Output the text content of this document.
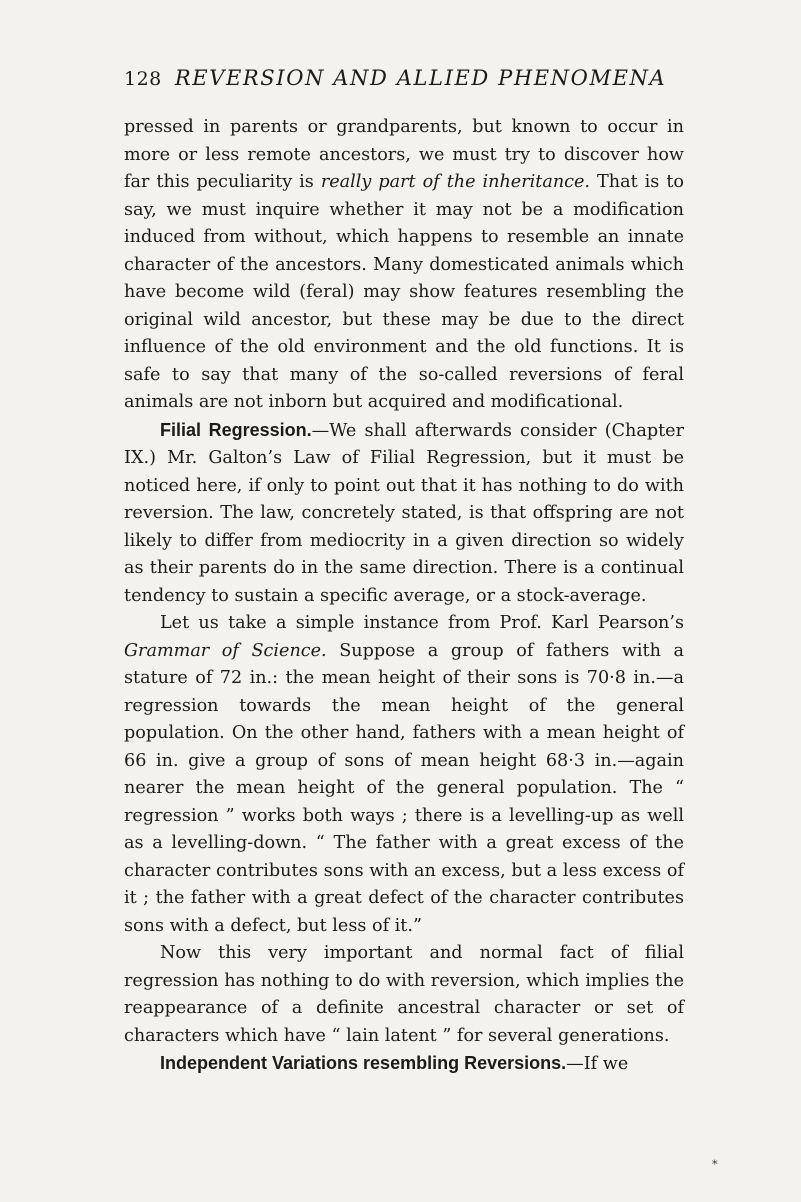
128 REVERSION AND ALLIED PHENOMENA

pressed in parents or grandparents, but known to occur in more or less remote ancestors, we must try to discover how far this peculiarity is really part of the inheritance. That is to say, we must inquire whether it may not be a modification induced from without, which happens to resemble an innate character of the ancestors. Many domesticated animals which have become wild (feral) may show features resembling the original wild ancestor, but these may be due to the direct influence of the old environment and the old functions. It is safe to say that many of the so-called reversions of feral animals are not inborn but acquired and modificational.

Filial Regression.—We shall afterwards consider (Chapter IX.) Mr. Galton’s Law of Filial Regression, but it must be noticed here, if only to point out that it has nothing to do with reversion. The law, concretely stated, is that offspring are not likely to differ from mediocrity in a given direction so widely as their parents do in the same direction. There is a continual tendency to sustain a specific average, or a stock-average.

Let us take a simple instance from Prof. Karl Pearson’s Grammar of Science. Suppose a group of fathers with a stature of 72 in.: the mean height of their sons is 70·8 in.—a regression towards the mean height of the general population. On the other hand, fathers with a mean height of 66 in. give a group of sons of mean height 68·3 in.—again nearer the mean height of the general population. The “ regression ” works both ways ; there is a levelling-up as well as a levelling-down. “ The father with a great excess of the character contributes sons with an excess, but a less excess of it ; the father with a great defect of the character contributes sons with a defect, but less of it.”

Now this very important and normal fact of filial regression has nothing to do with reversion, which implies the reappearance of a definite ancestral character or set of characters which have “ lain latent ” for several generations.

Independent Variations resembling Reversions.—If we

*
